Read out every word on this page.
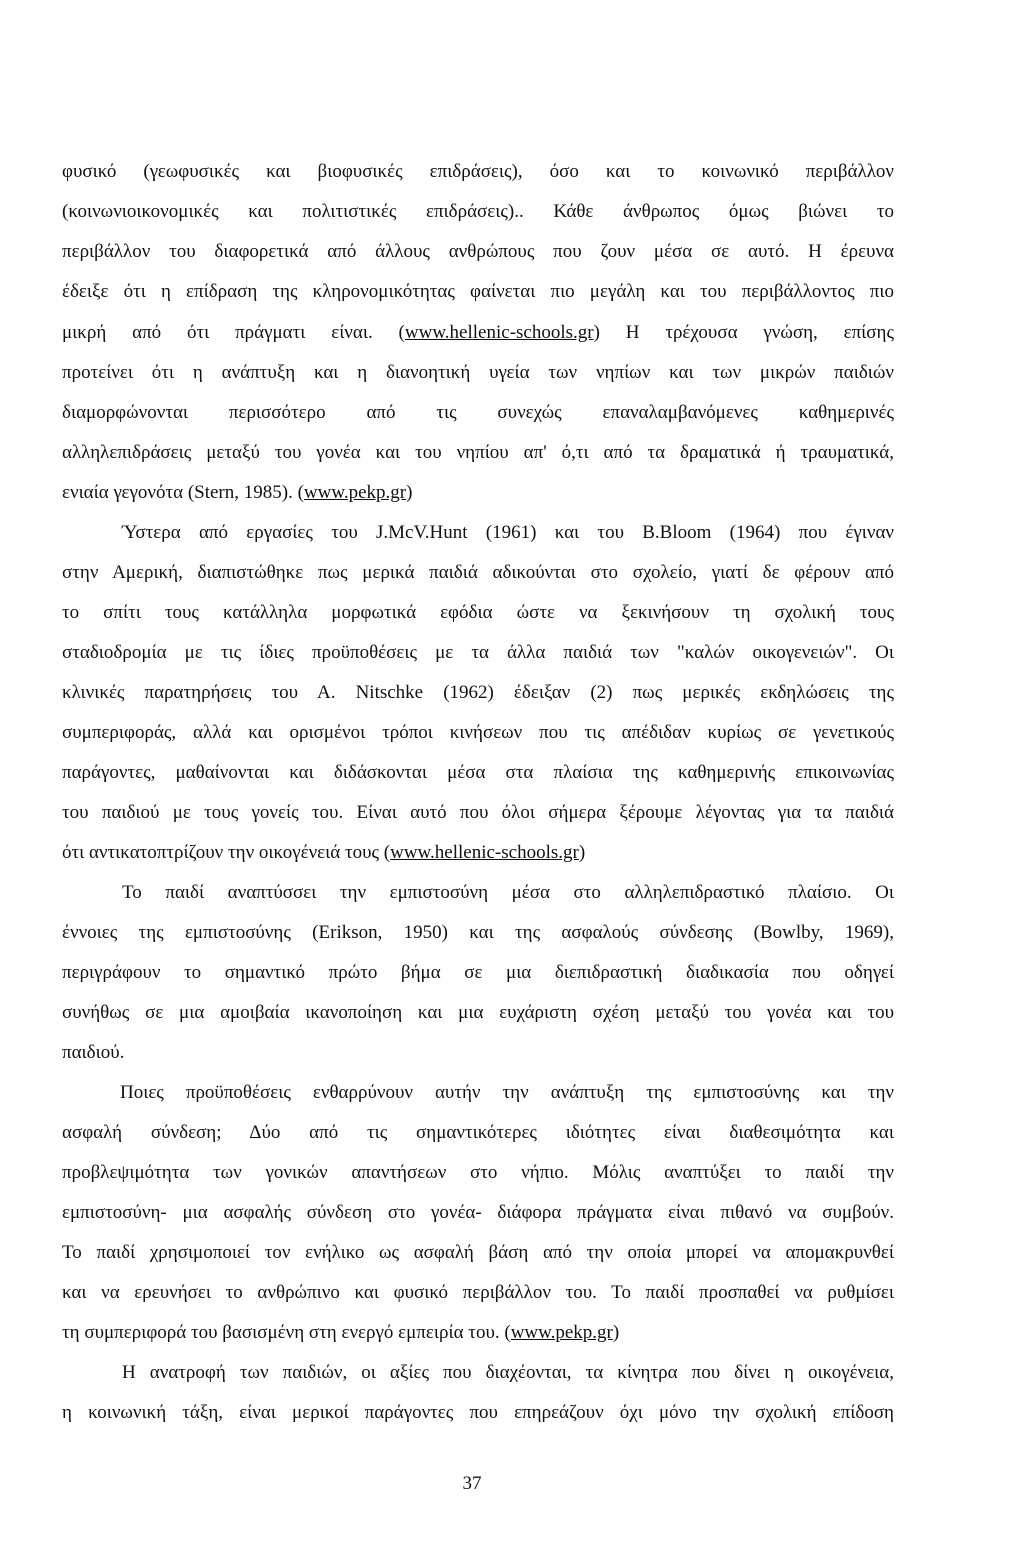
φυσικό (γεωφυσικές και βιοφυσικές επιδράσεις), όσο και το κοινωνικό περιβάλλον
(κοινωνιοικονομικές και πολιτιστικές επιδράσεις).. Κάθε άνθρωπος όμως βιώνει το
περιβάλλον του διαφορετικά από άλλους ανθρώπους που ζουν μέσα σε αυτό. Η έρευνα
έδειξε ότι η επίδραση της κληρονομικότητας φαίνεται πιο μεγάλη και του περιβάλλοντος πιο
μικρή από ότι πράγματι είναι. (www.hellenic-schools.gr) Η τρέχουσα γνώση, επίσης
προτείνει ότι η ανάπτυξη και η διανοητική υγεία των νηπίων και των μικρών παιδιών
διαμορφώνονται περισσότερο από τις συνεχώς επαναλαμβανόμενες καθημερινές
αλληλεπιδράσεις μεταξύ του γονέα και του νηπίου απ' ό,τι από τα δραματικά ή τραυματικά,
ενιαία γεγονότα (Stern, 1985). (www.pekp.gr)
Ύστερα από εργασίες του J.McV.Hunt (1961) και του B.Bloom (1964) που έγιναν
στην Αμερική, διαπιστώθηκε πως μερικά παιδιά αδικούνται στο σχολείο, γιατί δε φέρουν από
το σπίτι τους κατάλληλα μορφωτικά εφόδια ώστε να ξεκινήσουν τη σχολική τους
σταδιοδρομία με τις ίδιες προϋποθέσεις με τα άλλα παιδιά των "καλών οικογενειών". Οι
κλινικές παρατηρήσεις του Α. Nitschke (1962) έδειξαν (2) πως μερικές εκδηλώσεις της
συμπεριφοράς, αλλά και ορισμένοι τρόποι κινήσεων που τις απέδιδαν κυρίως σε γενετικούς
παράγοντες, μαθαίνονται και διδάσκονται μέσα στα πλαίσια της καθημερινής επικοινωνίας
του παιδιού με τους γονείς του. Είναι αυτό που όλοι σήμερα ξέρουμε λέγοντας για τα παιδιά
ότι αντικατοπτρίζουν την οικογένειά τους (www.hellenic-schools.gr)
Το παιδί αναπτύσσει την εμπιστοσύνη μέσα στο αλληλεπιδραστικό πλαίσιο. Οι
έννοιες της εμπιστοσύνης (Erikson, 1950) και της ασφαλούς σύνδεσης (Bowlby, 1969),
περιγράφουν το σημαντικό πρώτο βήμα σε μια διεπιδραστική διαδικασία που οδηγεί
συνήθως σε μια αμοιβαία ικανοποίηση και μια ευχάριστη σχέση μεταξύ του γονέα και του
παιδιού.
Ποιες προϋποθέσεις ενθαρρύνουν αυτήν την ανάπτυξη της εμπιστοσύνης και την
ασφαλή σύνδεση; Δύο από τις σημαντικότερες ιδιότητες είναι διαθεσιμότητα και
προβλεψιμότητα των γονικών απαντήσεων στο νήπιο. Μόλις αναπτύξει το παιδί την
εμπιστοσύνη- μια ασφαλής σύνδεση στο γονέα- διάφορα πράγματα είναι πιθανό να συμβούν.
Το παιδί χρησιμοποιεί τον ενήλικο ως ασφαλή βάση από την οποία μπορεί να απομακρυνθεί
και να ερευνήσει το ανθρώπινο και φυσικό περιβάλλον του. Το παιδί προσπαθεί να ρυθμίσει
τη συμπεριφορά του βασισμένη στη ενεργό εμπειρία του. (www.pekp.gr)
Η ανατροφή των παιδιών, οι αξίες που διαχέονται, τα κίνητρα που δίνει η οικογένεια,
η κοινωνική τάξη, είναι μερικοί παράγοντες που επηρεάζουν όχι μόνο την σχολική επίδοση
37
